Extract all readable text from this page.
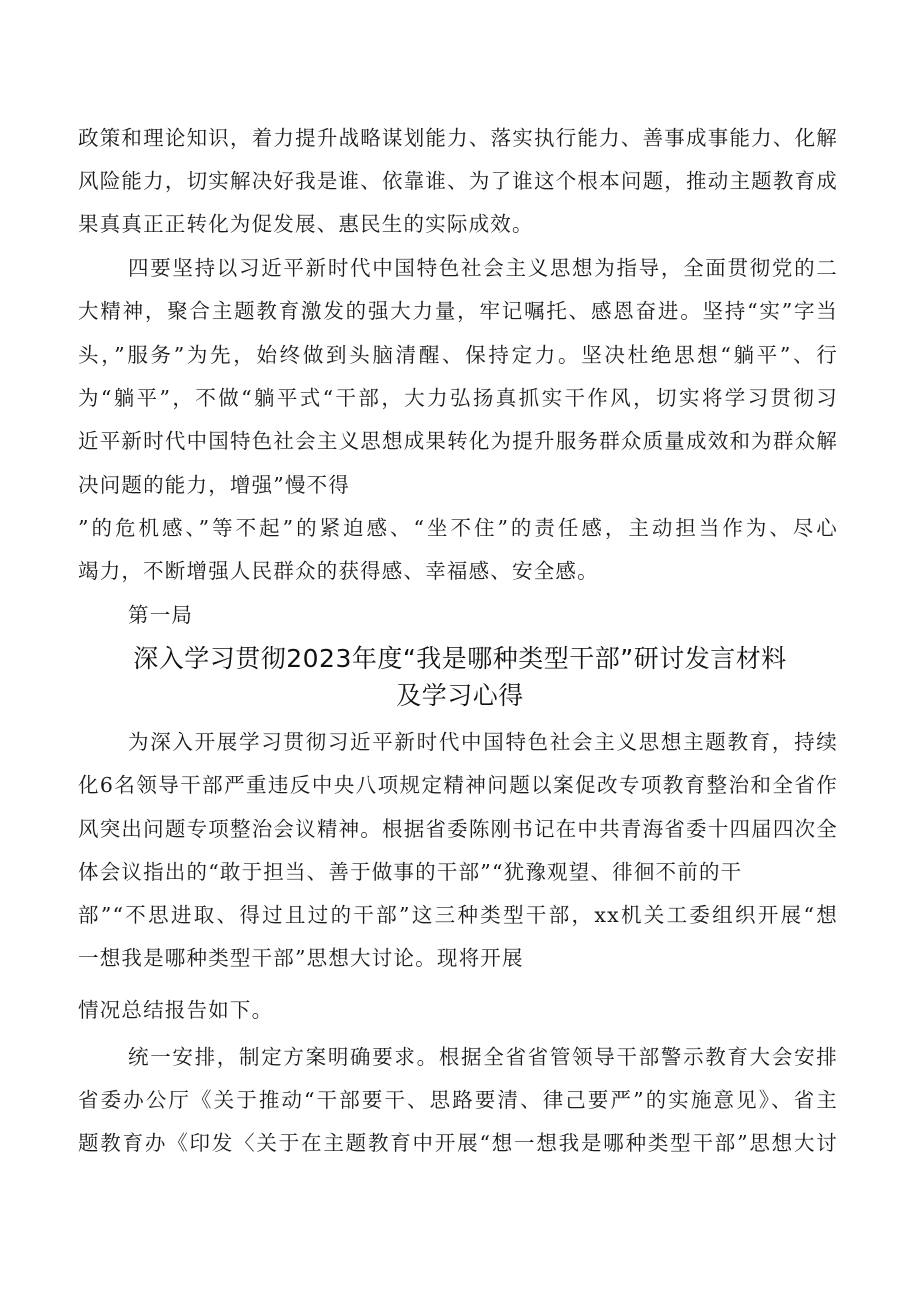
政策和理论知识，着力提升战略谋划能力、落实执行能力、善事成事能力、化解
风险能力，切实解决好我是谁、依靠谁、为了谁这个根本问题，推动主题教育成
果真真正正转化为促发展、惠民生的实际成效。
四要坚持以习近平新时代中国特色社会主义思想为指导，全面贯彻党的二
大精神，聚合主题教育激发的强大力量，牢记嘱托、感恩奋进。坚持“实”字当
头，”服务”为先，始终做到头脑清醒、保持定力。坚决杜绝思想“躺平”、行
为“躺平”，不做“躺平式“干部，大力弘扬真抓实干作风，切实将学习贯彻习
近平新时代中国特色社会主义思想成果转化为提升服务群众质量成效和为群众解
决问题的能力，增强”慢不得
”的危机感、”等不起”的紧迫感、“坐不住”的责任感，主动担当作为、尽心
竭力，不断增强人民群众的获得感、幸福感、安全感。
第一局
深入学习贯彻2023年度“我是哪种类型干部”研讨发言材料
及学习心得
为深入开展学习贯彻习近平新时代中国特色社会主义思想主题教育，持续
化6名领导干部严重违反中央八项规定精神问题以案促改专项教育整治和全省作
风突出问题专项整治会议精神。根据省委陈刚书记在中共青海省委十四届四次全
体会议指出的“敢于担当、善于做事的干部”“犹豫观望、徘徊不前的干
部”“不思进取、得过且过的干部”这三种类型干部，xx机关工委组织开展“想
一想我是哪种类型干部”思想大讨论。现将开展
情况总结报告如下。
统一安排，制定方案明确要求。根据全省省管领导干部警示教育大会安排
省委办公厅《关于推动“干部要干、思路要清、律己要严”的实施意见》、省主
题教育办《印发〈关于在主题教育中开展“想一想我是哪种类型干部”思想大讨
